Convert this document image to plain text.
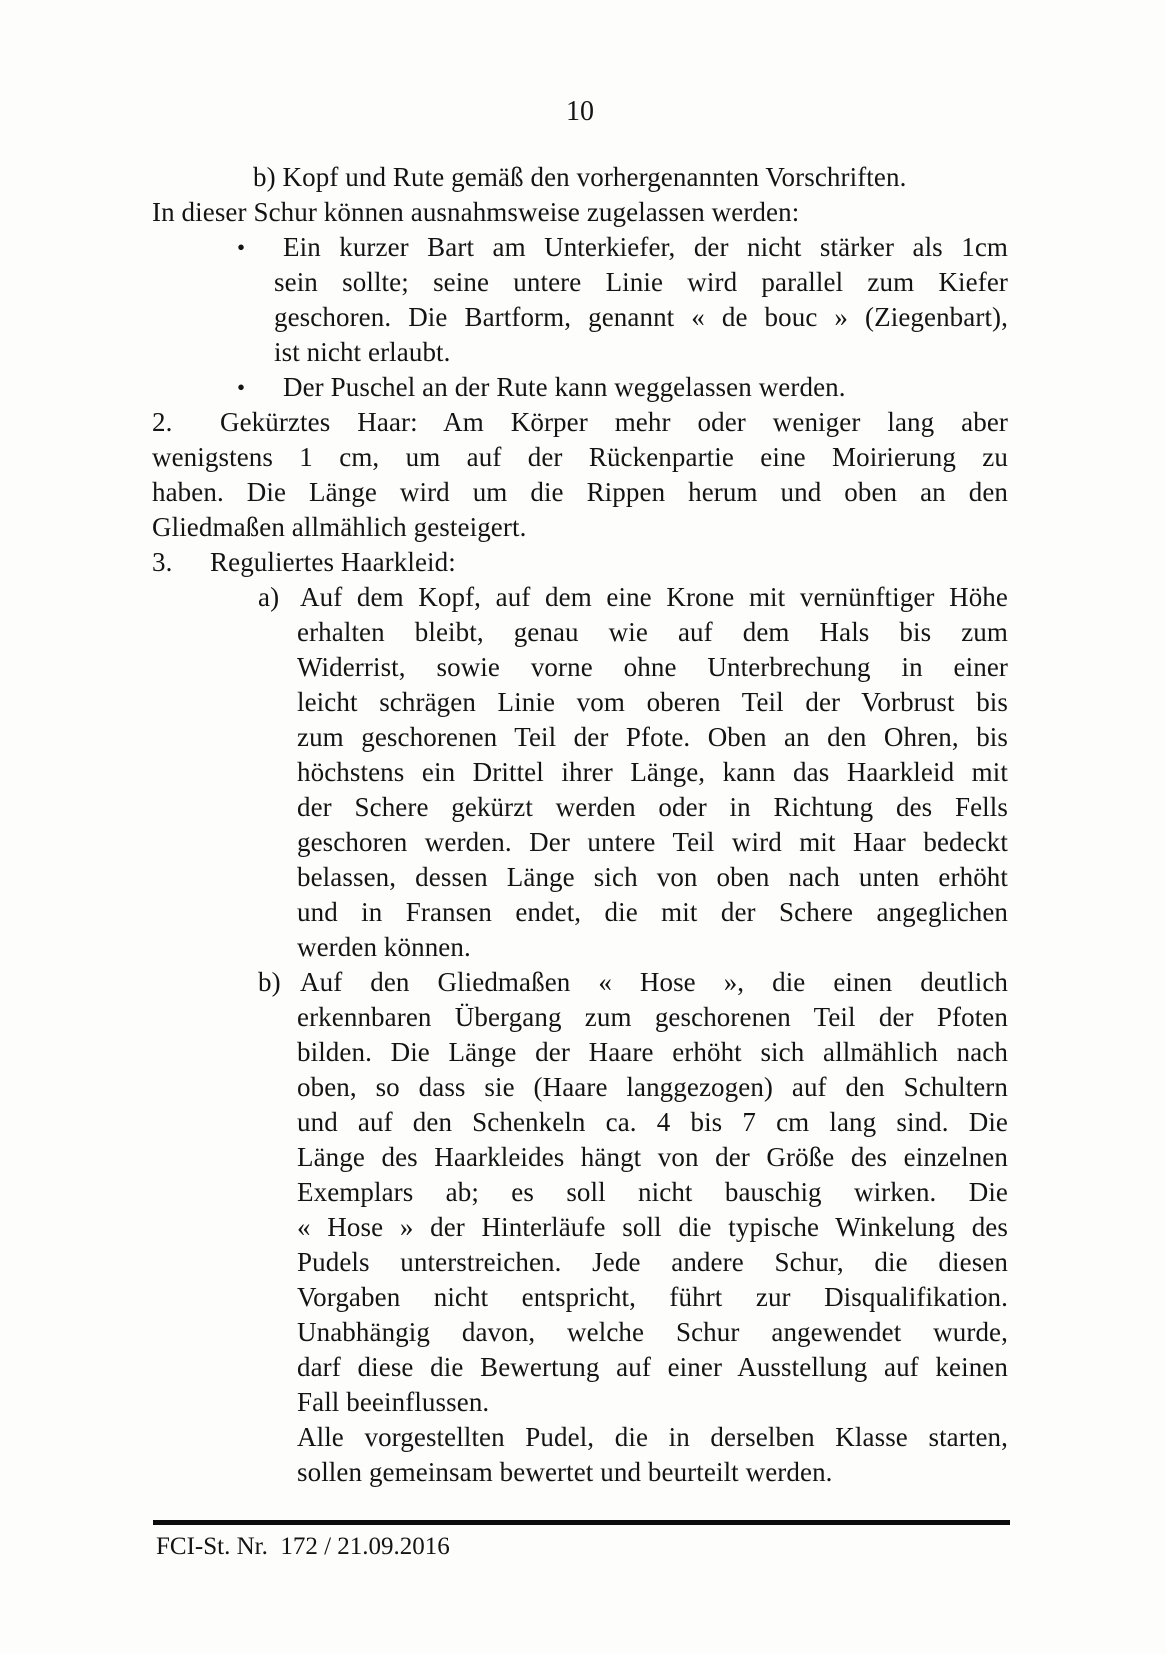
10
b) Kopf und Rute gemäß den vorhergenannten Vorschriften.
In dieser Schur können ausnahmsweise zugelassen werden:
• Ein kurzer Bart am Unterkiefer, der nicht stärker als 1cm
sein sollte; seine untere Linie wird parallel zum Kiefer
geschoren. Die Bartform, genannt « de bouc » (Ziegenbart),
ist nicht erlaubt.
• Der Puschel an der Rute kann weggelassen werden.
2. Gekürztes Haar: Am Körper mehr oder weniger lang aber
wenigstens 1 cm, um auf der Rückenpartie eine Moirierung zu
haben. Die Länge wird um die Rippen herum und oben an den
Gliedmaßen allmählich gesteigert.
3. Reguliertes Haarkleid:
a) Auf dem Kopf, auf dem eine Krone mit vernünftiger Höhe
erhalten bleibt, genau wie auf dem Hals bis zum
Widerrist, sowie vorne ohne Unterbrechung in einer
leicht schrägen Linie vom oberen Teil der Vorbrust bis
zum geschorenen Teil der Pfote. Oben an den Ohren, bis
höchstens ein Drittel ihrer Länge, kann das Haarkleid mit
der Schere gekürzt werden oder in Richtung des Fells
geschoren werden. Der untere Teil wird mit Haar bedeckt
belassen, dessen Länge sich von oben nach unten erhöht
und in Fransen endet, die mit der Schere angeglichen
werden können.
b) Auf den Gliedmaßen « Hose », die einen deutlich
erkennbaren Übergang zum geschorenen Teil der Pfoten
bilden. Die Länge der Haare erhöht sich allmählich nach
oben, so dass sie (Haare langgezogen) auf den Schultern
und auf den Schenkeln ca. 4 bis 7 cm lang sind. Die
Länge des Haarkleides hängt von der Größe des einzelnen
Exemplars ab; es soll nicht bauschig wirken. Die
« Hose » der Hinterläufe soll die typische Winkelung des
Pudels unterstreichen. Jede andere Schur, die diesen
Vorgaben nicht entspricht, führt zur Disqualifikation.
Unabhängig davon, welche Schur angewendet wurde,
darf diese die Bewertung auf einer Ausstellung auf keinen
Fall beeinflussen.
Alle vorgestellten Pudel, die in derselben Klasse starten,
sollen gemeinsam bewertet und beurteilt werden.
FCI-St. Nr.  172 / 21.09.2016
